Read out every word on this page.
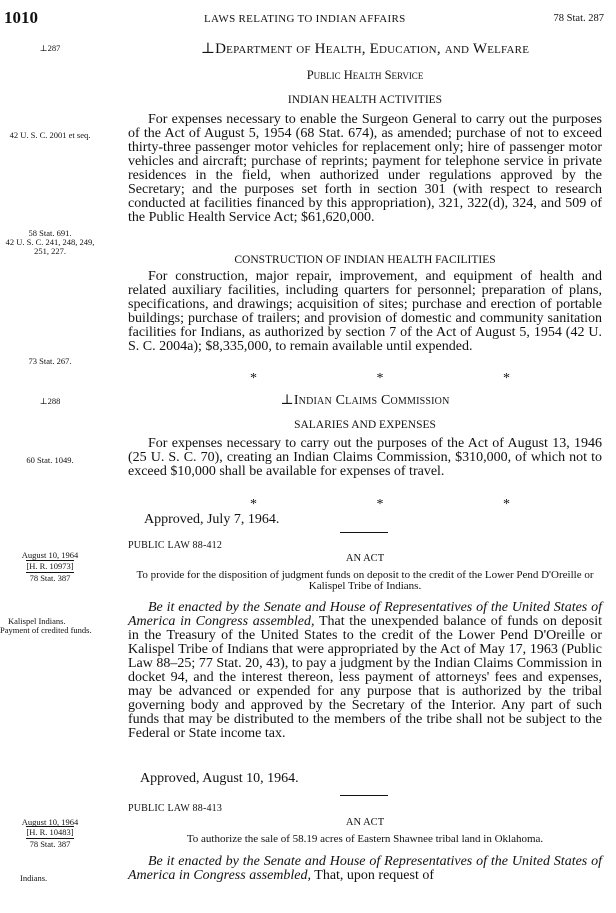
1010	LAWS RELATING TO INDIAN AFFAIRS	78 Stat. 287
⊥287
42 U. S. C. 2001 et seq.
58 Stat. 691.
42 U. S. C. 241, 248, 249, 251, 227.
73 Stat. 267.
⊥288
60 Stat. 1049.
August 10, 1964
[H. R. 10973]
78 Stat. 387
Kalispel Indians.
Payment of credited funds.
August 10, 1964
[H. R. 10483]
78 Stat. 387
Indians.
⊥Department of Health, Education, and Welfare
Public Health Service
INDIAN HEALTH ACTIVITIES
For expenses necessary to enable the Surgeon General to carry out the purposes of the Act of August 5, 1954 (68 Stat. 674), as amended; purchase of not to exceed thirty-three passenger motor vehicles for replacement only; hire of passenger motor vehicles and aircraft; purchase of reprints; payment for telephone service in private residences in the field, when authorized under regulations approved by the Secretary; and the purposes set forth in section 301 (with respect to research conducted at facilities financed by this appropriation), 321, 322(d), 324, and 509 of the Public Health Service Act; $61,620,000.
CONSTRUCTION OF INDIAN HEALTH FACILITIES
For construction, major repair, improvement, and equipment of health and related auxiliary facilities, including quarters for personnel; preparation of plans, specifications, and drawings; acquisition of sites; purchase and erection of portable buildings; purchase of trailers; and provision of domestic and community sanitation facilities for Indians, as authorized by section 7 of the Act of August 5, 1954 (42 U. S. C. 2004a); $8,335,000, to remain available until expended.
*	*	*
⊥Indian Claims Commission
SALARIES AND EXPENSES
For expenses necessary to carry out the purposes of the Act of August 13, 1946 (25 U. S. C. 70), creating an Indian Claims Commission, $310,000, of which not to exceed $10,000 shall be available for expenses of travel.
*	*	*
Approved, July 7, 1964.
PUBLIC LAW 88-412
AN ACT
To provide for the disposition of judgment funds on deposit to the credit of the Lower Pend D'Oreille or Kalispel Tribe of Indians.
Be it enacted by the Senate and House of Representatives of the United States of America in Congress assembled, That the unexpended balance of funds on deposit in the Treasury of the United States to the credit of the Lower Pend D'Oreille or Kalispel Tribe of Indians that were appropriated by the Act of May 17, 1963 (Public Law 88–25; 77 Stat. 20, 43), to pay a judgment by the Indian Claims Commission in docket 94, and the interest thereon, less payment of attorneys' fees and expenses, may be advanced or expended for any purpose that is authorized by the tribal governing body and approved by the Secretary of the Interior. Any part of such funds that may be distributed to the members of the tribe shall not be subject to the Federal or State income tax.
Approved, August 10, 1964.
PUBLIC LAW 88-413
AN ACT
To authorize the sale of 58.19 acres of Eastern Shawnee tribal land in Oklahoma.
Be it enacted by the Senate and House of Representatives of the United States of America in Congress assembled, That, upon request of
